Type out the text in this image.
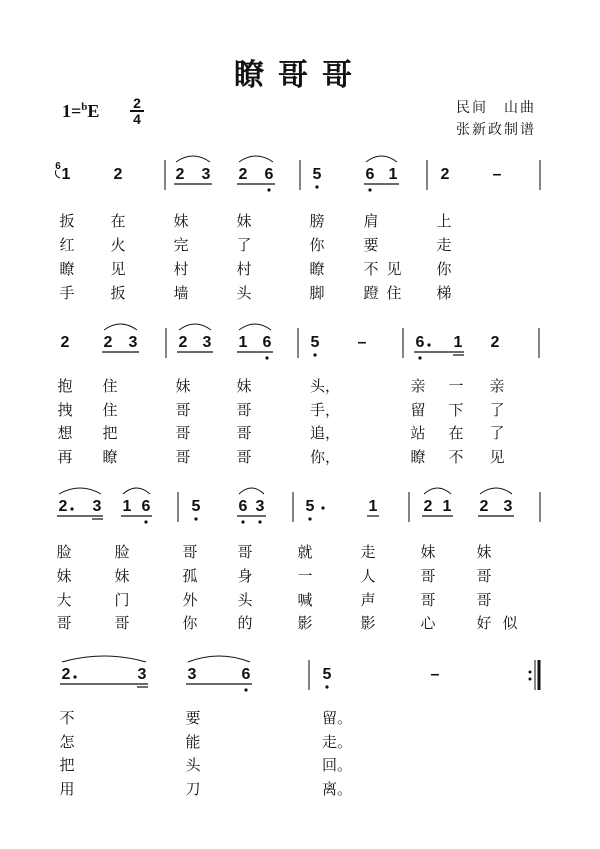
瞭哥哥
1=$^b$E 2
4
民间　山曲
张新政制谱
6 1	2	2 3 2 6 5	6 1	2	–
扳 在	妹	妹	膀	肩	上
红 火	完	了	你	要	走
瞭 见	村	村	瞭	不 见 你
手 扳	墙	头	脚	蹬 住 梯
2 2 3	2 3 1 6 5 –	6 1 2
抱 住	妹	妹	头，	亲 一 亲
拽 住	哥	哥	手，	留 下 了
想 把	哥	哥	追，	站 在 了
再 瞭	哥	哥	你，	瞭 不 见
2 3 1 6	5 6 3	5	1	2 1 2 3
脸	脸	哥	哥	就	走	妹	妹
妹	妹	孤	身	一	人	哥	哥
大	门	外	头	喊	声	哥	哥
哥	哥	你	的	影	影	心	好 似
2	3	3	6	5	–
不	要	留。
怎	能	走。
把	头	回。
用	刀	离。
